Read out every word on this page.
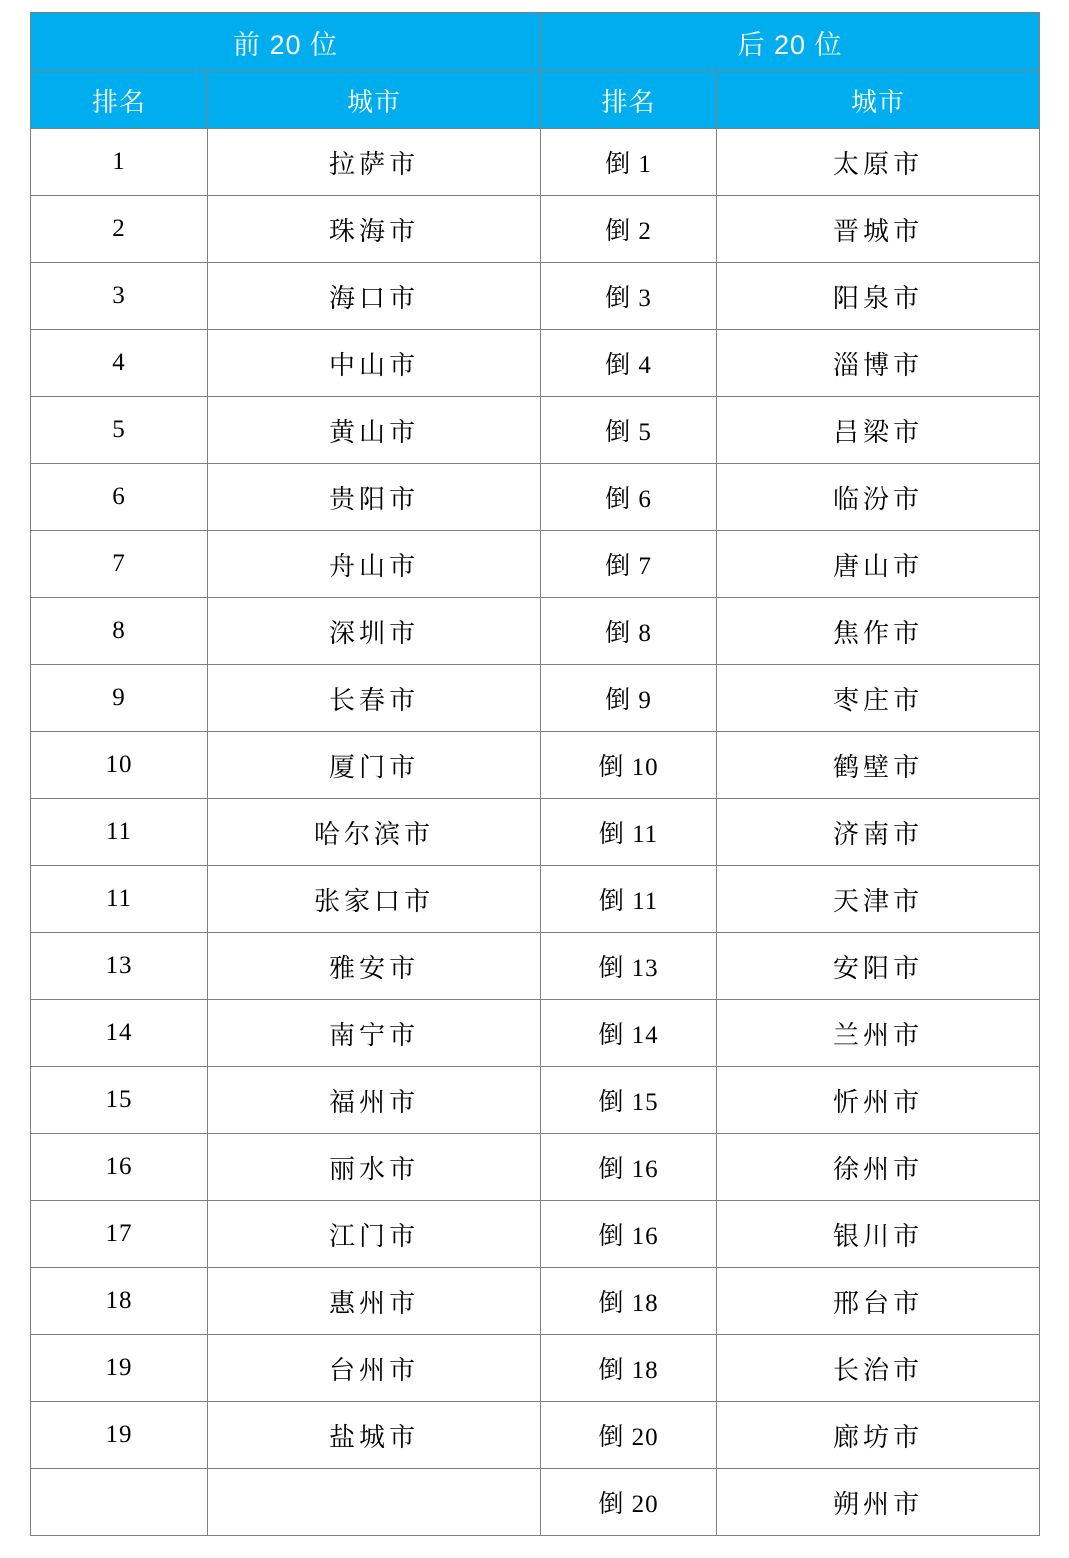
前 20 位		后 20 位	
排名	城市	排名	城市
1	拉萨市	倒 1	太原市
2	珠海市	倒 2	晋城市
3	海口市	倒 3	阳泉市
4	中山市	倒 4	淄博市
5	黄山市	倒 5	吕梁市
6	贵阳市	倒 6	临汾市
7	舟山市	倒 7	唐山市
8	深圳市	倒 8	焦作市
9	长春市	倒 9	枣庄市
10	厦门市	倒 10	鹤壁市
11	哈尔滨市	倒 11	济南市
11	张家口市	倒 11	天津市
13	雅安市	倒 13	安阳市
14	南宁市	倒 14	兰州市
15	福州市	倒 15	忻州市
16	丽水市	倒 16	徐州市
17	江门市	倒 16	银川市
18	惠州市	倒 18	邢台市
19	台州市	倒 18	长治市
19	盐城市	倒 20	廊坊市
		倒 20	朔州市
